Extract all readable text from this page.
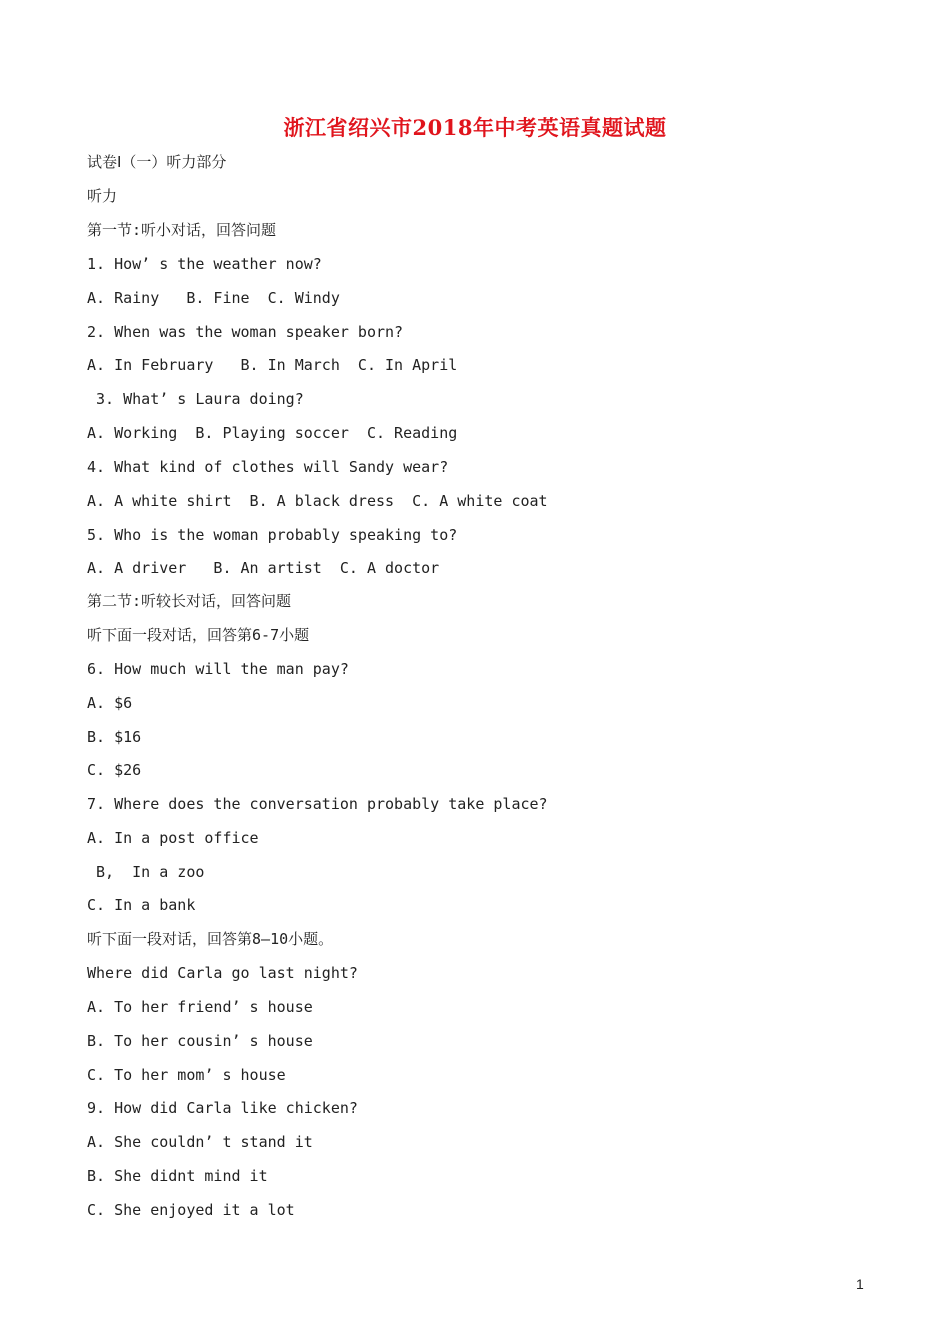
浙江省绍兴市2018年中考英语真题试题
试卷Ⅰ（一）听力部分
听力
第一节:听小对话，回答问题
1. How’ s the weather now?
A. Rainy   B. Fine  C. Windy
2. When was the woman speaker born?
A. In February   B. In March  C. In April
3. What’ s Laura doing?
A. Working  B. Playing soccer  C. Reading
4. What kind of clothes will Sandy wear?
A. A white shirt  B. A black dress  C. A white coat
5. Who is the woman probably speaking to?
A. A driver   B. An artist  C. A doctor
第二节:听较长对话，回答问题
听下面一段对话，回答第6-7小题
6. How much will the man pay?
A. $6
B. $16
C. $26
7. Where does the conversation probably take place?
A. In a post office
B,  In a zoo
C. In a bank
听下面一段对话，回答第8—10小题。
Where did Carla go last night?
A. To her friend’ s house
B. To her cousin’ s house
C. To her mom’ s house
9. How did Carla like chicken?
A. She couldn’ t stand it
B. She didnt mind it
C. She enjoyed it a lot
1
